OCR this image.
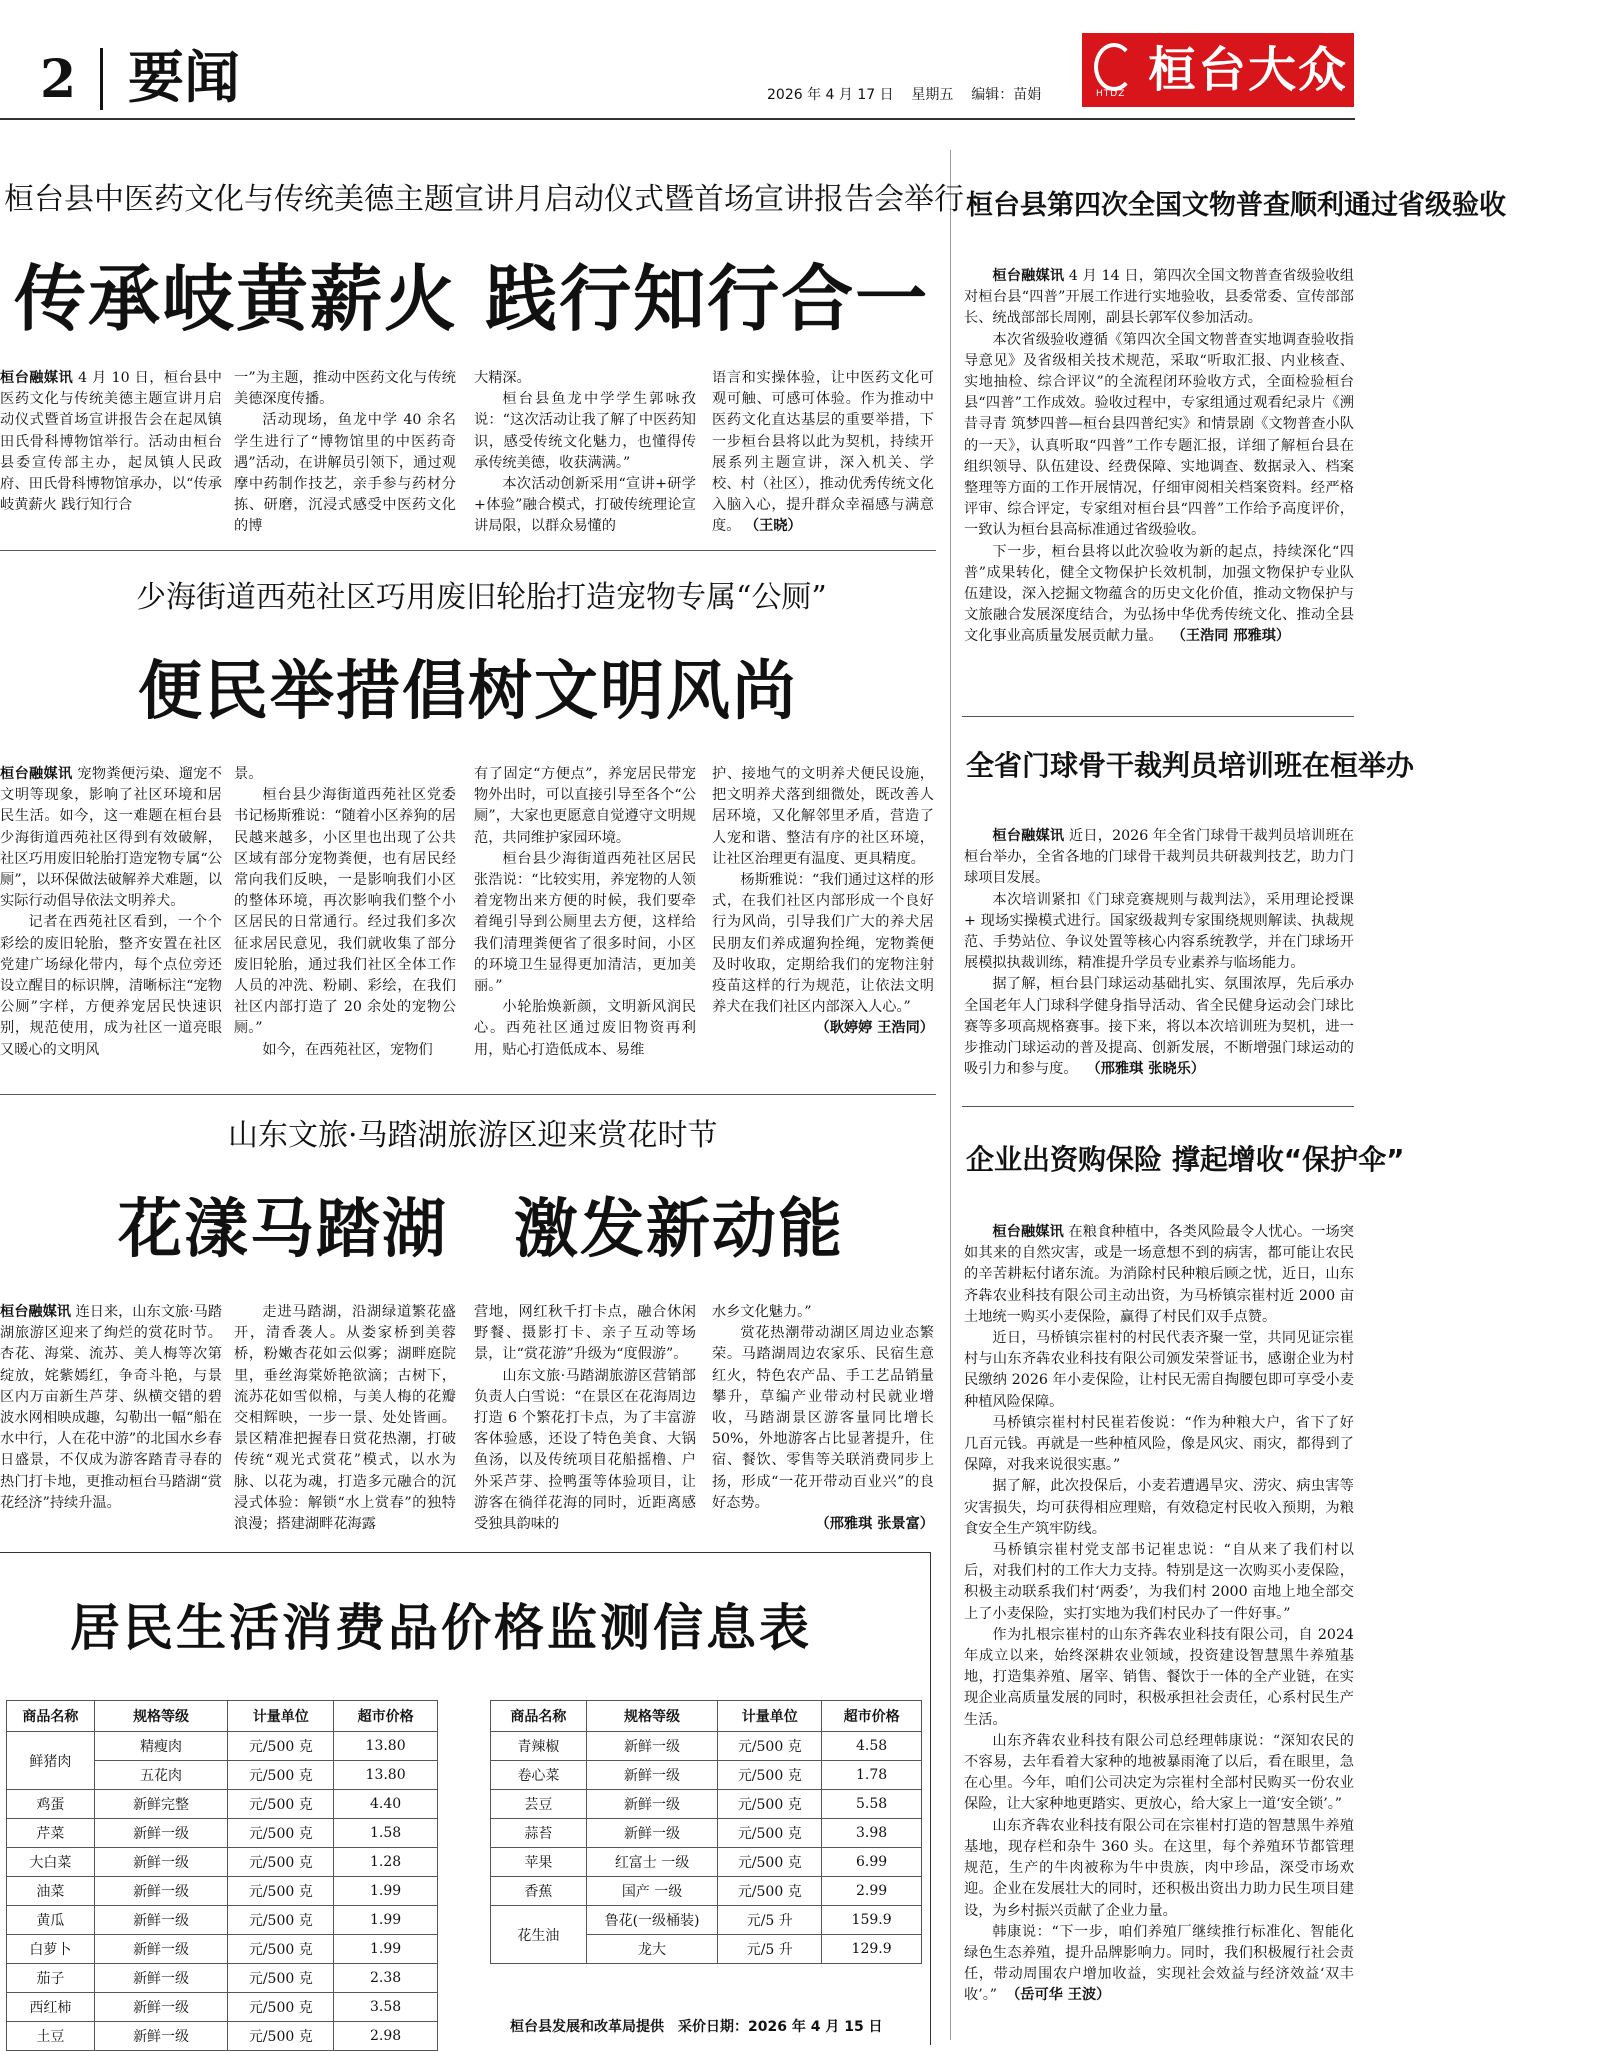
2 要闻	2026 年 4 月 17 日 星期五 编辑：苗娟	HTDZ 桓台大众
桓台县中医药文化与传统美德主题宣讲月启动仪式暨首场宣讲报告会举行
传承岐黄薪火 践行知行合一

桓台融媒讯 4 月 10 日，桓台县中医药文化与传统美德主题宣讲月启动仪式暨首场宣讲报告会在起凤镇田氏骨科博物馆举行。活动由桓台县委宣传部主办，起凤镇人民政府、田氏骨科博物馆承办，以“传承岐黄薪火 践行知行合

一”为主题，推动中医药文化与传统美德深度传播。

活动现场，鱼龙中学 40 余名学生进行了“博物馆里的中医药奇遇”活动，在讲解员引领下，通过观摩中药制作技艺，亲手参与药材分拣、研磨，沉浸式感受中医药文化的博

大精深。

桓台县鱼龙中学学生郭咏孜说：“这次活动让我了解了中医药知识，感受传统文化魅力，也懂得传承传统美德，收获满满。”

本次活动创新采用“宣讲+研学+体验”融合模式，打破传统理论宣讲局限，以群众易懂的

语言和实操体验，让中医药文化可观可触、可感可体验。作为推动中医药文化直达基层的重要举措，下一步桓台县将以此为契机，持续开展系列主题宣讲，深入机关、学校、村（社区），推动优秀传统文化入脑入心，提升群众幸福感与满意度。 （王晓）

少海街道西苑社区巧用废旧轮胎打造宠物专属“公厕”
便民举措倡树文明风尚

桓台融媒讯 宠物粪便污染、遛宠不文明等现象，影响了社区环境和居民生活。如今，这一难题在桓台县少海街道西苑社区得到有效破解，社区巧用废旧轮胎打造宠物专属“公厕”，以环保做法破解养犬难题，以实际行动倡导依法文明养犬。

记者在西苑社区看到，一个个彩绘的废旧轮胎，整齐安置在社区党建广场绿化带内，每个点位旁还设立醒目的标识牌，清晰标注“宠物公厕”字样，方便养宠居民快速识别，规范使用，成为社区一道亮眼又暖心的文明风

景。

桓台县少海街道西苑社区党委书记杨斯雅说：“随着小区养狗的居民越来越多，小区里也出现了公共区域有部分宠物粪便，也有居民经常向我们反映，一是影响我们小区的整体环境，再次影响我们整个小区居民的日常通行。经过我们多次征求居民意见，我们就收集了部分废旧轮胎，通过我们社区全体工作人员的冲洗、粉刷、彩绘，在我们社区内部打造了 20 余处的宠物公厕。”

如今，在西苑社区，宠物们

有了固定“方便点”，养宠居民带宠物外出时，可以直接引导至各个“公厕”，大家也更愿意自觉遵守文明规范，共同维护家园环境。

桓台县少海街道西苑社区居民张浩说：“比较实用，养宠物的人领着宠物出来方便的时候，我们要牵着绳引导到公厕里去方便，这样给我们清理粪便省了很多时间，小区的环境卫生显得更加清洁，更加美丽。”

小轮胎焕新颜，文明新风润民心。西苑社区通过废旧物资再利用，贴心打造低成本、易维

护、接地气的文明养犬便民设施，把文明养犬落到细微处，既改善人居环境，又化解邻里矛盾，营造了人宠和谐、整洁有序的社区环境，让社区治理更有温度、更具精度。

杨斯雅说：“我们通过这样的形式，在我们社区内部形成一个良好行为风尚，引导我们广大的养犬居民朋友们养成遛狗拴绳，宠物粪便及时收取，定期给我们的宠物注射疫苗这样的行为规范，让依法文明养犬在我们社区内部深入人心。”

（耿婷婷 王浩同）
山东文旅·马踏湖旅游区迎来赏花时节
花漾马踏湖　激发新动能

桓台融媒讯 连日来，山东文旅·马踏湖旅游区迎来了绚烂的赏花时节。杏花、海棠、流苏、美人梅等次第绽放，姹紫嫣红，争奇斗艳，与景区内万亩新生芦芽、纵横交错的碧波水网相映成趣，勾勒出一幅“船在水中行，人在花中游”的北国水乡春日盛景，不仅成为游客踏青寻春的热门打卡地，更推动桓台马踏湖“赏花经济”持续升温。

走进马踏湖，沿湖绿道繁花盛开，清香袭人。从娄家桥到美蓉桥，粉嫩杏花如云似雾；湖畔庭院里，垂丝海棠娇艳欲滴；古树下，流苏花如雪似棉，与美人梅的花瓣交相辉映，一步一景、处处皆画。景区精准把握春日赏花热潮，打破传统“观光式赏花”模式，以水为脉、以花为魂，打造多元融合的沉浸式体验：解锁“水上赏春”的独特浪漫；搭建湖畔花海露

营地，网红秋千打卡点，融合休闲野餐、摄影打卡、亲子互动等场景，让“赏花游”升级为“度假游”。

山东文旅·马踏湖旅游区营销部负责人白雪说：“在景区在花海周边打造 6 个繁花打卡点，为了丰富游客体验感，还设了特色美食、大锅鱼汤，以及传统项目花船摇橹、户外采芦芽、捡鸭蛋等体验项目，让游客在徜徉花海的同时，近距离感受独具韵味的

水乡文化魅力。”

赏花热潮带动湖区周边业态繁荣。马踏湖周边农家乐、民宿生意红火，特色农产品、手工艺品销量攀升，草编产业带动村民就业增收，马踏湖景区游客量同比增长 50%，外地游客占比显著提升，住宿、餐饮、零售等关联消费同步上扬，形成“一花开带动百业兴”的良好态势。

（邢雅琪 张景富）
居民生活消费品价格监测信息表
商品名称	规格等级	计量单位	超市价格
鲜猪肉	精瘦肉	元/500 克	13.80
	五花肉	元/500 克	13.80
鸡蛋	新鲜完整	元/500 克	4.40
芹菜	新鲜一级	元/500 克	1.58
大白菜	新鲜一级	元/500 克	1.28
油菜	新鲜一级	元/500 克	1.99
黄瓜	新鲜一级	元/500 克	1.99
白萝卜	新鲜一级	元/500 克	1.99
茄子	新鲜一级	元/500 克	2.38
西红柿	新鲜一级	元/500 克	3.58
土豆	新鲜一级	元/500 克	2.98
商品名称	规格等级	计量单位	超市价格
青辣椒	新鲜一级	元/500 克	4.58
卷心菜	新鲜一级	元/500 克	1.78
芸豆	新鲜一级	元/500 克	5.58
蒜苔	新鲜一级	元/500 克	3.98
苹果	红富士 一级	元/500 克	6.99
香蕉	国产 一级	元/500 克	2.99
花生油	鲁花(一级桶装)	元/5 升	159.9
	龙大	元/5 升	129.9
桓台县发展和改革局提供　采价日期：2026 年 4 月 15 日
桓台县第四次全国文物普查顺利通过省级验收

桓台融媒讯 4 月 14 日，第四次全国文物普查省级验收组对桓台县“四普”开展工作进行实地验收，县委常委、宣传部部长、统战部部长周刚，副县长郭军仪参加活动。

本次省级验收遵循《第四次全国文物普查实地调查验收指导意见》及省级相关技术规范，采取“听取汇报、内业核查、实地抽检、综合评议”的全流程闭环验收方式，全面检验桓台县“四普”工作成效。验收过程中，专家组通过观看纪录片《溯昔寻青 筑梦四普—桓台县四普纪实》和情景剧《文物普查小队的一天》，认真听取“四普”工作专题汇报，详细了解桓台县在组织领导、队伍建设、经费保障、实地调查、数据录入、档案整理等方面的工作开展情况，仔细审阅相关档案资料。经严格评审、综合评定，专家组对桓台县“四普”工作给予高度评价，一致认为桓台县高标准通过省级验收。

下一步，桓台县将以此次验收为新的起点，持续深化“四普”成果转化，健全文物保护长效机制，加强文物保护专业队伍建设，深入挖掘文物蕴含的历史文化价值，推动文物保护与文旅融合发展深度结合，为弘扬中华优秀传统文化、推动全县文化事业高质量发展贡献力量。 （王浩同 邢雅琪）

全省门球骨干裁判员培训班在桓举办

桓台融媒讯 近日，2026 年全省门球骨干裁判员培训班在桓台举办，全省各地的门球骨干裁判员共研裁判技艺，助力门球项目发展。

本次培训紧扣《门球竞赛规则与裁判法》，采用理论授课 + 现场实操模式进行。国家级裁判专家围绕规则解读、执裁规范、手势站位、争议处置等核心内容系统教学，并在门球场开展模拟执裁训练，精准提升学员专业素养与临场能力。

据了解，桓台县门球运动基础扎实、氛围浓厚，先后承办全国老年人门球科学健身指导活动、省全民健身运动会门球比赛等多项高规格赛事。接下来，将以本次培训班为契机，进一步推动门球运动的普及提高、创新发展，不断增强门球运动的吸引力和参与度。 （邢雅琪 张晓乐）

企业出资购保险 撑起增收“保护伞”

桓台融媒讯 在粮食种植中，各类风险最令人忧心。一场突如其来的自然灾害，或是一场意想不到的病害，都可能让农民的辛苦耕耘付诸东流。为消除村民种粮后顾之忧，近日，山东齐犇农业科技有限公司主动出资，为马桥镇宗崔村近 2000 亩土地统一购买小麦保险，赢得了村民们双手点赞。

近日，马桥镇宗崔村的村民代表齐聚一堂，共同见证宗崔村与山东齐犇农业科技有限公司颁发荣誉证书，感谢企业为村民缴纳 2026 年小麦保险，让村民无需自掏腰包即可享受小麦种植风险保障。

马桥镇宗崔村村民崔若俊说：“作为种粮大户，省下了好几百元钱。再就是一些种植风险，像是风灾、雨灾，都得到了保障，对我来说很实惠。”

据了解，此次投保后，小麦若遭遇旱灾、涝灾、病虫害等灾害损失，均可获得相应理赔，有效稳定村民收入预期，为粮食安全生产筑牢防线。

马桥镇宗崔村党支部书记崔忠说：“自从来了我们村以后，对我们村的工作大力支持。特别是这一次购买小麦保险，积极主动联系我们村‘两委’，为我们村 2000 亩地上地全部交上了小麦保险，实打实地为我们村民办了一件好事。”

作为扎根宗崔村的山东齐犇农业科技有限公司，自 2024 年成立以来，始终深耕农业领域，投资建设智慧黑牛养殖基地，打造集养殖、屠宰、销售、餐饮于一体的全产业链，在实现企业高质量发展的同时，积极承担社会责任，心系村民生产生活。

山东齐犇农业科技有限公司总经理韩康说：“深知农民的不容易，去年看着大家种的地被暴雨淹了以后，看在眼里，急在心里。今年，咱们公司决定为宗崔村全部村民购买一份农业保险，让大家种地更踏实、更放心，给大家上一道‘安全锁’。”

山东齐犇农业科技有限公司在宗崔村打造的智慧黑牛养殖基地，现存栏和杂牛 360 头。在这里，每个养殖环节都管理规范，生产的牛肉被称为牛中贵族，肉中珍品，深受市场欢迎。企业在发展壮大的同时，还积极出资出力助力民生项目建设，为乡村振兴贡献了企业力量。

韩康说：“下一步，咱们养殖厂继续推行标准化、智能化绿色生态养殖，提升品牌影响力。同时，我们积极履行社会责任，带动周围农户增加收益，实现社会效益与经济效益‘双丰收’。” （岳可华 王波）
